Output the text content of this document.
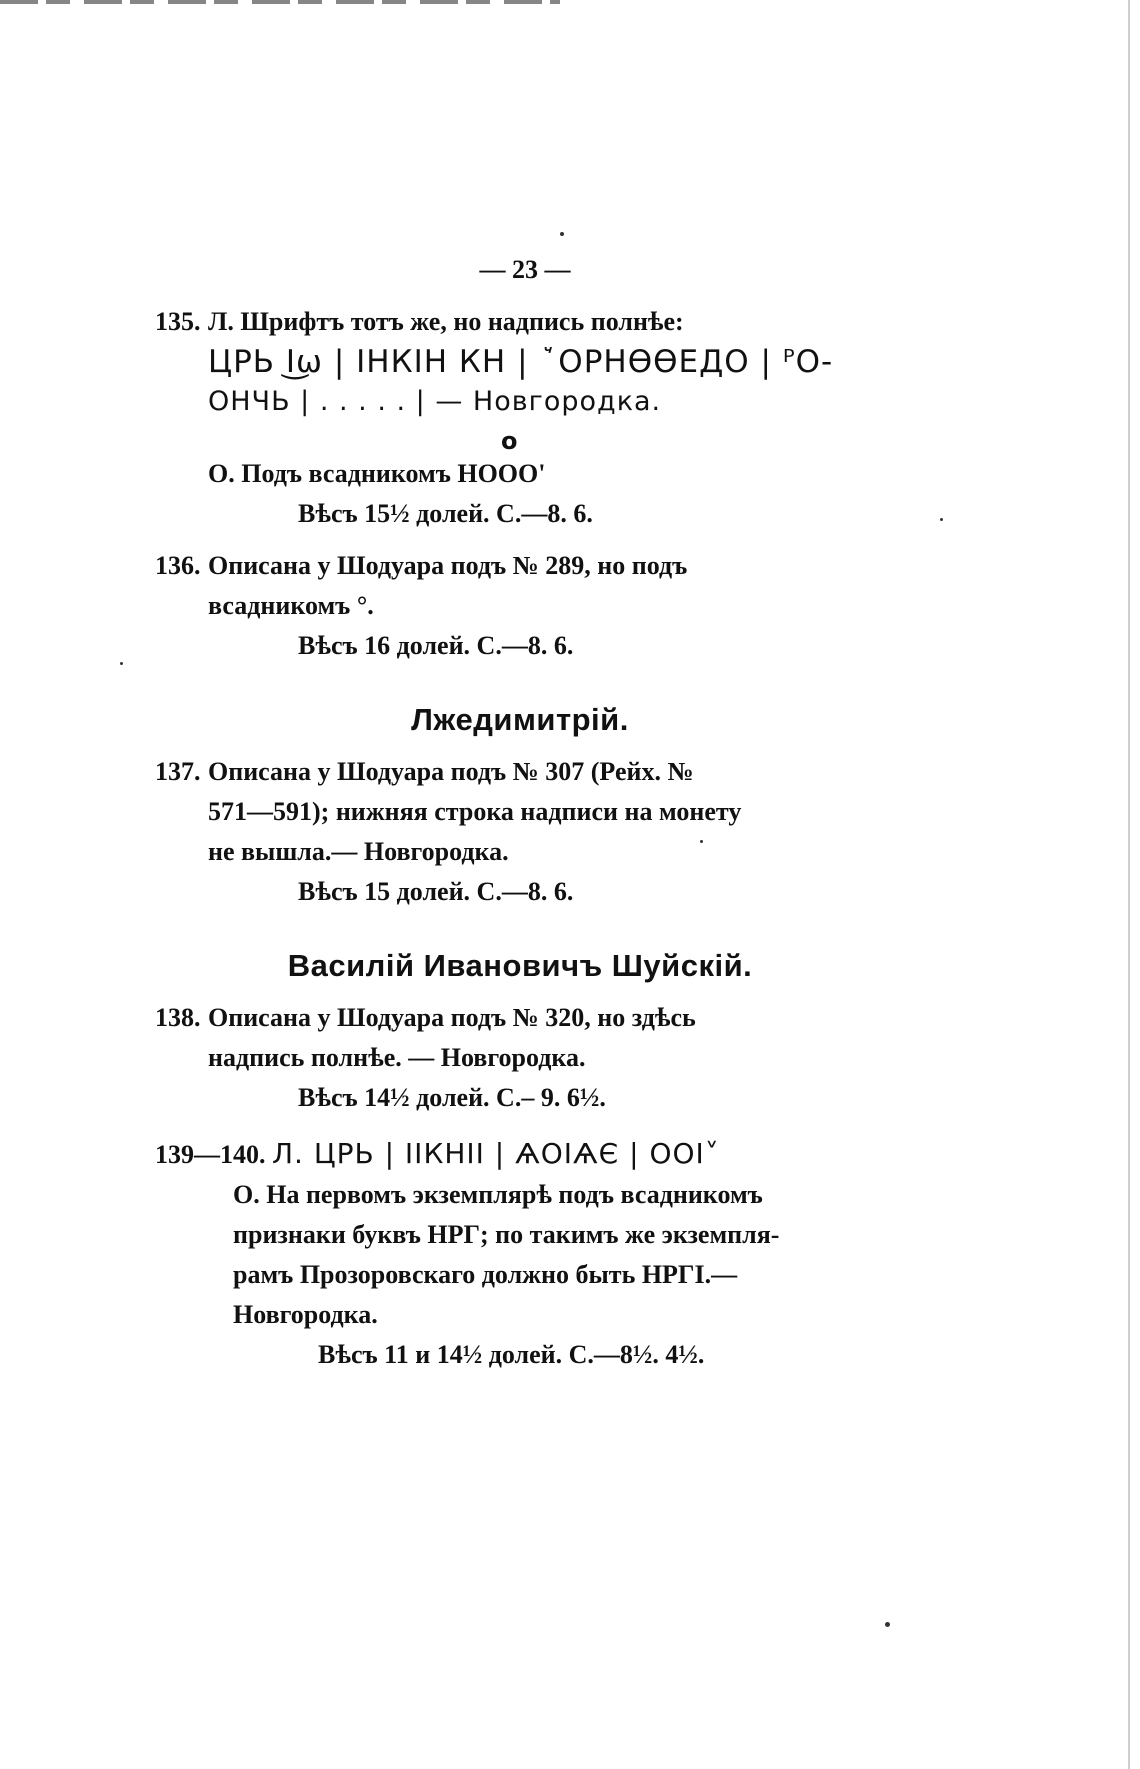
— 23 —
135. Л. Шрифтъ тотъ же, но надпись полнѣе:
ЦРЬ І͜ѡ | ІНКІН КН | ꙿОРНӨӨЕДО | ᴾО-
ОНЧЬ | . . . . . | — Новгородка.
o
О. Подъ всадникомъ НОOO'
Вѣсъ 15½ долей. С.—8. 6.
136. Описана у Шодуара подъ № 289, но подъ
всадникомъ °.
Вѣсъ 16 долей. С.—8. 6.
Лжедимитрій.
137. Описана у Шодуара подъ № 307 (Рейх. №
571—591); нижняя строка надписи на монету
не вышла.— Новгородка.
Вѣсъ 15 долей. С.—8. 6.
Василій Ивановичъ Шуйскій.
138. Описана у Шодуара подъ № 320, но здѣсь
надпись полнѣе. — Новгородка.
Вѣсъ 14½ долей. С.– 9. 6½.
139—140. Л. ЦРЬ | ІІКНІІ | ѦОІѦЄ | ООІ˅
О. На первомъ экземплярѣ подъ всадникомъ
признаки буквъ НРГ; по такимъ же экземпля-
рамъ Прозоровскаго должно быть НРГІ.—
Новгородка.
Вѣсъ 11 и 14½ долей. С.—8½. 4½.
